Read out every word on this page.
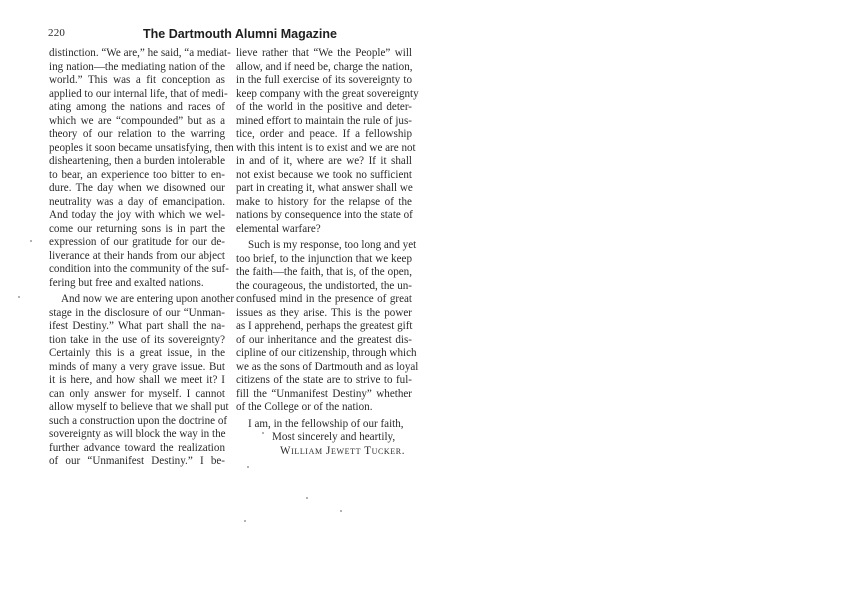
220	The Dartmouth Alumni Magazine
distinction. “We are,” he said, “a mediat-
ing nation—the mediating nation of the
world.” This was a fit conception as
applied to our internal life, that of medi-
ating among the nations and races of
which we are “compounded” but as a
theory of our relation to the warring
peoples it soon became unsatisfying, then
disheartening, then a burden intolerable
to bear, an experience too bitter to en-
dure. The day when we disowned our
neutrality was a day of emancipation.
And today the joy with which we wel-
come our returning sons is in part the
expression of our gratitude for our de-
liverance at their hands from our abject
condition into the community of the suf-
fering but free and exalted nations.
And now we are entering upon another
stage in the disclosure of our “Unman-
ifest Destiny.” What part shall the na-
tion take in the use of its sovereignty?
Certainly this is a great issue, in the
minds of many a very grave issue. But
it is here, and how shall we meet it? I
can only answer for myself. I cannot
allow myself to believe that we shall put
such a construction upon the doctrine of
sovereignty as will block the way in the
further advance toward the realization
of our “Unmanifest Destiny.” I be-
lieve rather that “We the People” will
allow, and if need be, charge the nation,
in the full exercise of its sovereignty to
keep company with the great sovereignty
of the world in the positive and deter-
mined effort to maintain the rule of jus-
tice, order and peace. If a fellowship
with this intent is to exist and we are not
in and of it, where are we? If it shall
not exist because we took no sufficient
part in creating it, what answer shall we
make to history for the relapse of the
nations by consequence into the state of
elemental warfare?
Such is my response, too long and yet
too brief, to the injunction that we keep
the faith—the faith, that is, of the open,
the courageous, the undistorted, the un-
confused mind in the presence of great
issues as they arise. This is the power
as I apprehend, perhaps the greatest gift
of our inheritance and the greatest dis-
cipline of our citizenship, through which
we as the sons of Dartmouth and as loyal
citizens of the state are to strive to ful-
fill the “Unmanifest Destiny” whether
of the College or of the nation.
I am, in the fellowship of our faith,
Most sincerely and heartily,
William Jewett Tucker.
